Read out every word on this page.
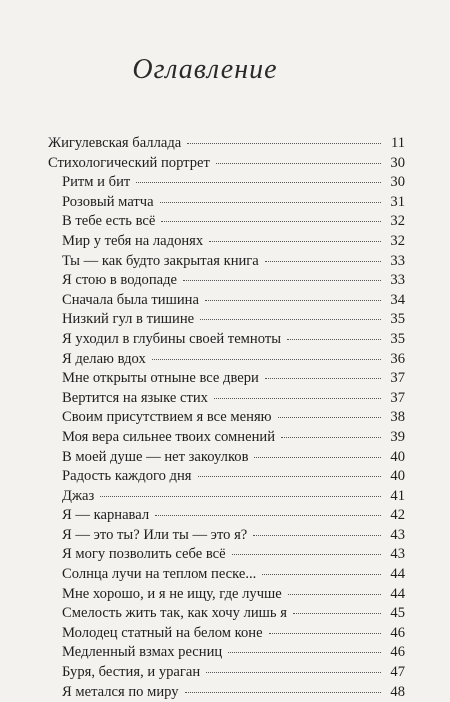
Оглавление
Жигулевская баллада	11
Стихологический портрет	30
Ритм и бит	30
Розовый матча	31
В тебе есть всё	32
Мир у тебя на ладонях	32
Ты — как будто закрытая книга	33
Я стою в водопаде	33
Сначала была тишина	34
Низкий гул в тишине	35
Я уходил в глубины своей темноты	35
Я делаю вдох	36
Мне открыты отныне все двери	37
Вертится на языке стих	37
Своим присутствием я все меняю	38
Моя вера сильнее твоих сомнений	39
В моей душе — нет закоулков	40
Радость каждого дня	40
Джаз	41
Я — карнавал	42
Я — это ты? Или ты — это я?	43
Я могу позволить себе всё	43
Солнца лучи на теплом песке...	44
Мне хорошо, и я не ищу, где лучше	44
Смелость жить так, как хочу лишь я	45
Молодец статный на белом коне	46
Медленный взмах ресниц	46
Буря, бестия, и ураган	47
Я метался по миру	48
